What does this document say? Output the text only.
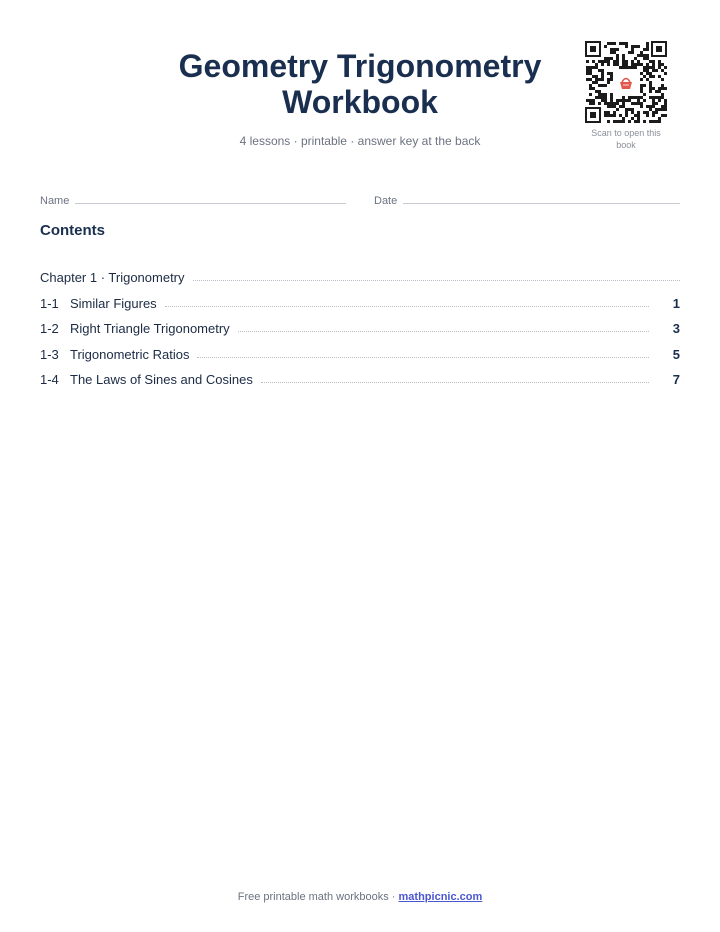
Geometry Trigonometry Workbook
4 lessons · printable · answer key at the back
Scan to open this book
Name	Date
Contents
Chapter 1 · Trigonometry
1-1 Similar Figures	1
1-2 Right Triangle Trigonometry	3
1-3 Trigonometric Ratios	5
1-4 The Laws of Sines and Cosines	7
Free printable math workbooks · mathpicnic.com
